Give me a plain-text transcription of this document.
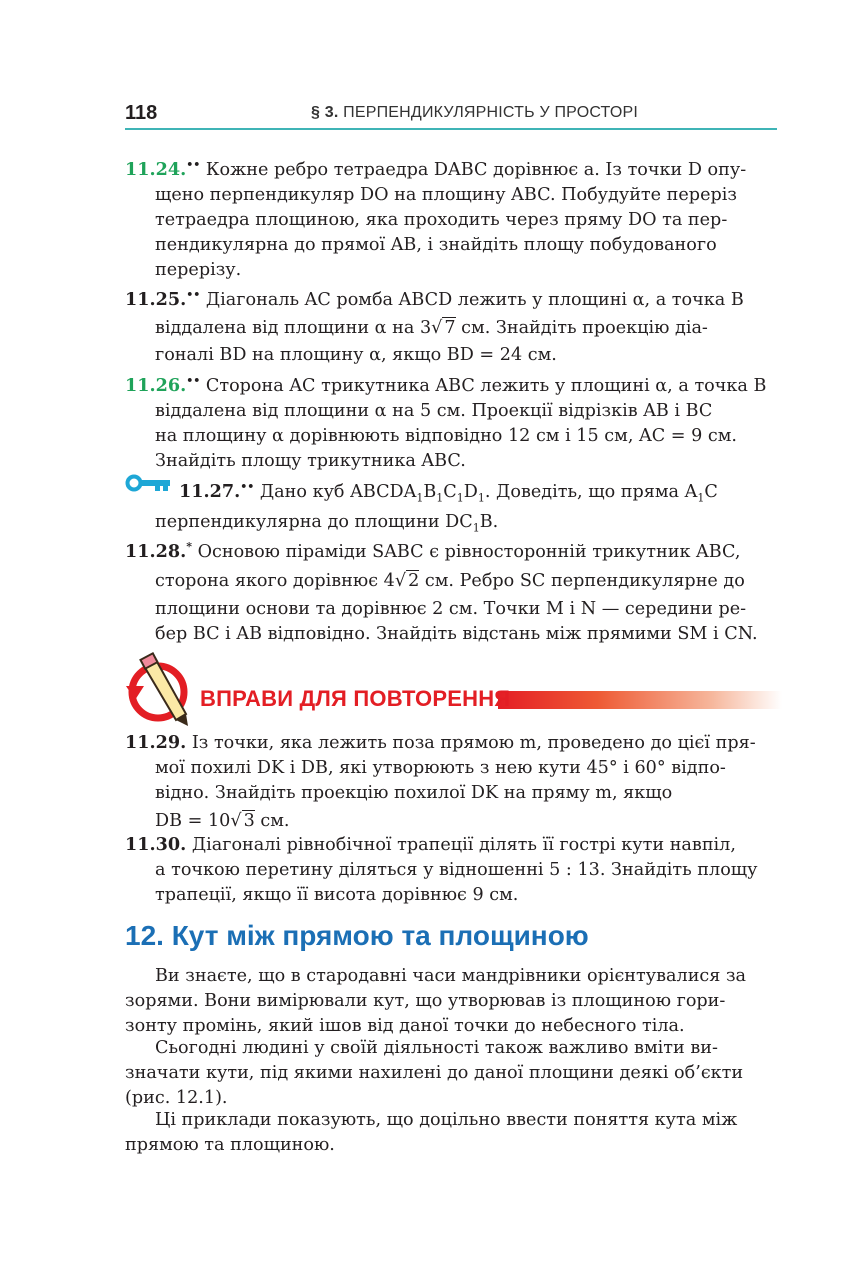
118	§ 3. ПЕРПЕНДИКУЛЯРНІСТЬ У ПРОСТОРІ
11.24.•• Кожне ребро тетраедра DABC дорівнює a. Із точки D опу-
щено перпендикуляр DO на площину ABC. Побудуйте переріз
тетраедра площиною, яка проходить через пряму DO та пер-
пендикулярна до прямої AB, і знайдіть площу побудованого
перерізу.
11.25.•• Діагональ AC ромба ABCD лежить у площині α, а точка B
віддалена від площини α на 3√ 7 см. Знайдіть проекцію діа-
гоналі BD на площину α, якщо BD = 24 см.
11.26.•• Сторона AC трикутника ABC лежить у площині α, а точка B
віддалена від площини α на 5 см. Проекції відрізків AB і BC
на площину α дорівнюють відповідно 12 см і 15 см, AC = 9 см.
Знайдіть площу трикутника ABC.
11.27.•• Дано куб $ABCDA_1B_1C_1D_1$. Доведіть, що пряма $A_1C$
перпендикулярна до площини $DC_1B$.
11.28.* Основою піраміди SABC є рівносторонній трикутник ABC,
сторона якого дорівнює 4√ 2 см. Ребро SC перпендикулярне до
площини основи та дорівнює 2 см. Точки M і N — середини ре-
бер BC і AB відповідно. Знайдіть відстань між прямими SM і CN.
ВПРАВИ ДЛЯ ПОВТОРЕННЯ
11.29. Із точки, яка лежить поза прямою m, проведено до цієї пря-
мої похилі DK і DB, які утворюють з нею кути 45° і 60° відпо-
відно. Знайдіть проекцію похилої DK на пряму m, якщо
DB = 10√ 3 см.
11.30. Діагоналі рівнобічної трапеції ділять її гострі кути навпіл,
а точкою перетину діляться у відношенні 5 : 13. Знайдіть площу
трапеції, якщо її висота дорівнює 9 см.
12. Кут між прямою та площиною
Ви знаєте, що в стародавні часи мандрівники орієнтувалися за
зорями. Вони вимірювали кут, що утворював із площиною гори-
зонту промінь, який ішов від даної точки до небесного тіла.
Сьогодні людині у своїй діяльності також важливо вміти ви-
значати кути, під якими нахилені до даної площини деякі об’єкти
(рис. 12.1).
Ці приклади показують, що доцільно ввести поняття кута між
прямою та площиною.
